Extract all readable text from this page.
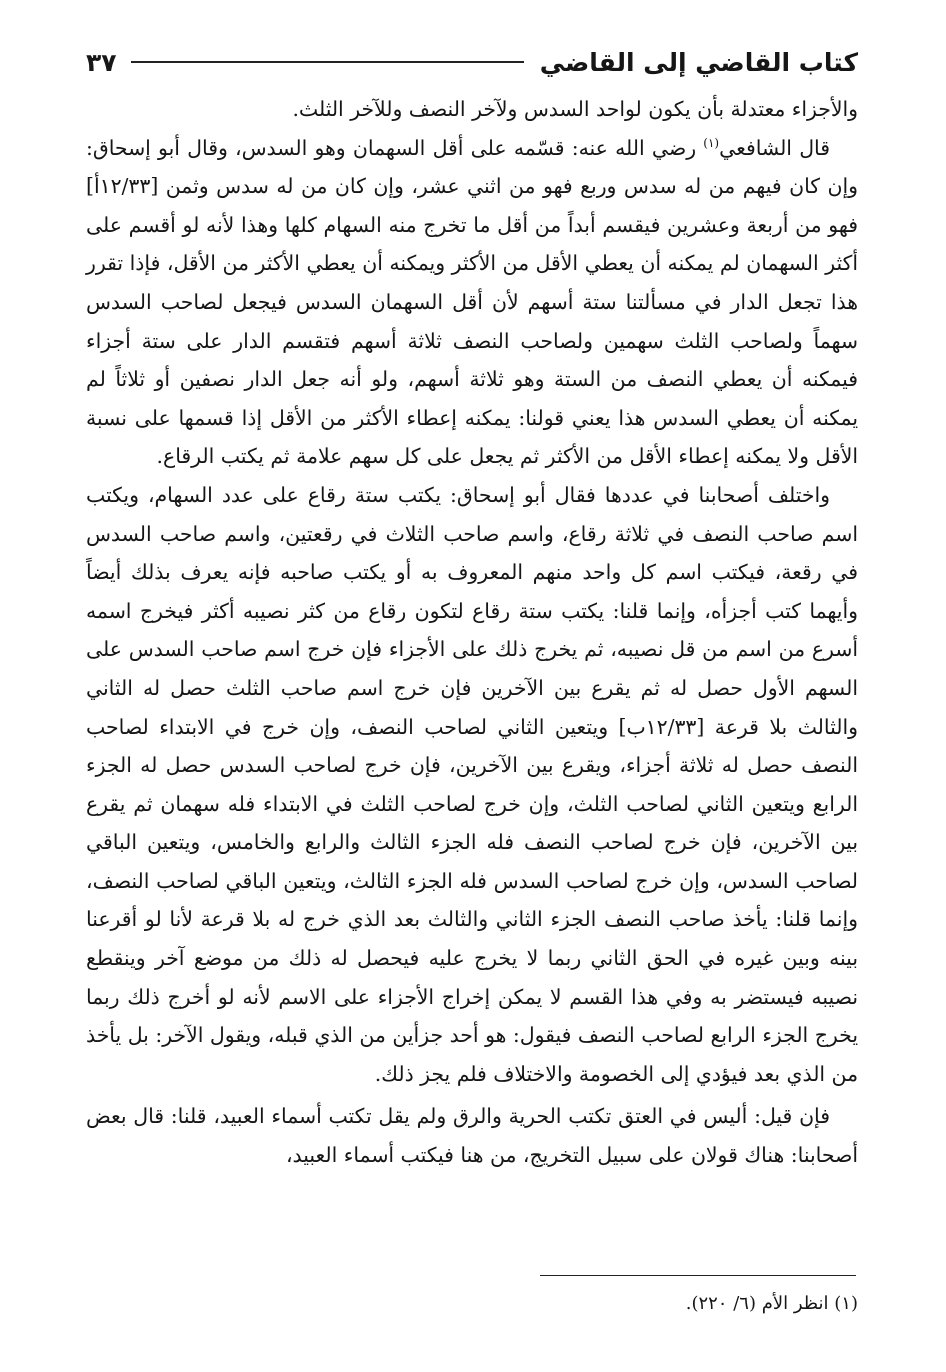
كتاب القاضي إلى القاضي
٣٧

والأجزاء معتدلة بأن يكون لواحد السدس ولآخر النصف وللآخر الثلث.

قال الشافعي$^{(١)}$ رضي الله عنه: قسّمه على أقل السهمان وهو السدس، وقال أبو إسحاق: وإن كان فيهم من له سدس وربع فهو من اثني عشر، وإن كان من له سدس وثمن [١٢/٣٣أ] فهو من أربعة وعشرين فيقسم أبداً من أقل ما تخرج منه السهام كلها وهذا لأنه لو أقسم على أكثر السهمان لم يمكنه أن يعطي الأقل من الأكثر ويمكنه أن يعطي الأكثر من الأقل، فإذا تقرر هذا تجعل الدار في مسألتنا ستة أسهم لأن أقل السهمان السدس فيجعل لصاحب السدس سهماً ولصاحب الثلث سهمين ولصاحب النصف ثلاثة أسهم فتقسم الدار على ستة أجزاء فيمكنه أن يعطي النصف من الستة وهو ثلاثة أسهم، ولو أنه جعل الدار نصفين أو ثلاثاً لم يمكنه أن يعطي السدس هذا يعني قولنا: يمكنه إعطاء الأكثر من الأقل إذا قسمها على نسبة الأقل ولا يمكنه إعطاء الأقل من الأكثر ثم يجعل على كل سهم علامة ثم يكتب الرقاع.

واختلف أصحابنا في عددها فقال أبو إسحاق: يكتب ستة رقاع على عدد السهام، ويكتب اسم صاحب النصف في ثلاثة رقاع، واسم صاحب الثلاث في رقعتين، واسم صاحب السدس في رقعة، فيكتب اسم كل واحد منهم المعروف به أو يكتب صاحبه فإنه يعرف بذلك أيضاً وأيهما كتب أجزأه، وإنما قلنا: يكتب ستة رقاع لتكون رقاع من كثر نصيبه أكثر فيخرج اسمه أسرع من اسم من قل نصيبه، ثم يخرج ذلك على الأجزاء فإن خرج اسم صاحب السدس على السهم الأول حصل له ثم يقرع بين الآخرين فإن خرج اسم صاحب الثلث حصل له الثاني والثالث بلا قرعة [١٢/٣٣ب] ويتعين الثاني لصاحب النصف، وإن خرج في الابتداء لصاحب النصف حصل له ثلاثة أجزاء، ويقرع بين الآخرين، فإن خرج لصاحب السدس حصل له الجزء الرابع ويتعين الثاني لصاحب الثلث، وإن خرج لصاحب الثلث في الابتداء فله سهمان ثم يقرع بين الآخرين، فإن خرج لصاحب النصف فله الجزء الثالث والرابع والخامس، ويتعين الباقي لصاحب السدس، وإن خرج لصاحب السدس فله الجزء الثالث، ويتعين الباقي لصاحب النصف، وإنما قلنا: يأخذ صاحب النصف الجزء الثاني والثالث بعد الذي خرج له بلا قرعة لأنا لو أقرعنا بينه وبين غيره في الحق الثاني ربما لا يخرج عليه فيحصل له ذلك من موضع آخر وينقطع نصيبه فيستضر به وفي هذا القسم لا يمكن إخراج الأجزاء على الاسم لأنه لو أخرج ذلك ربما يخرج الجزء الرابع لصاحب النصف فيقول: هو أحد جزأين من الذي قبله، ويقول الآخر: بل يأخذ من الذي بعد فيؤدي إلى الخصومة والاختلاف فلم يجز ذلك.

فإن قيل: أليس في العتق تكتب الحرية والرق ولم يقل تكتب أسماء العبيد، قلنا: قال بعض أصحابنا: هناك قولان على سبيل التخريج، من هنا فيكتب أسماء العبيد،

(١) انظر الأم (٦/ ٢٢٠).
